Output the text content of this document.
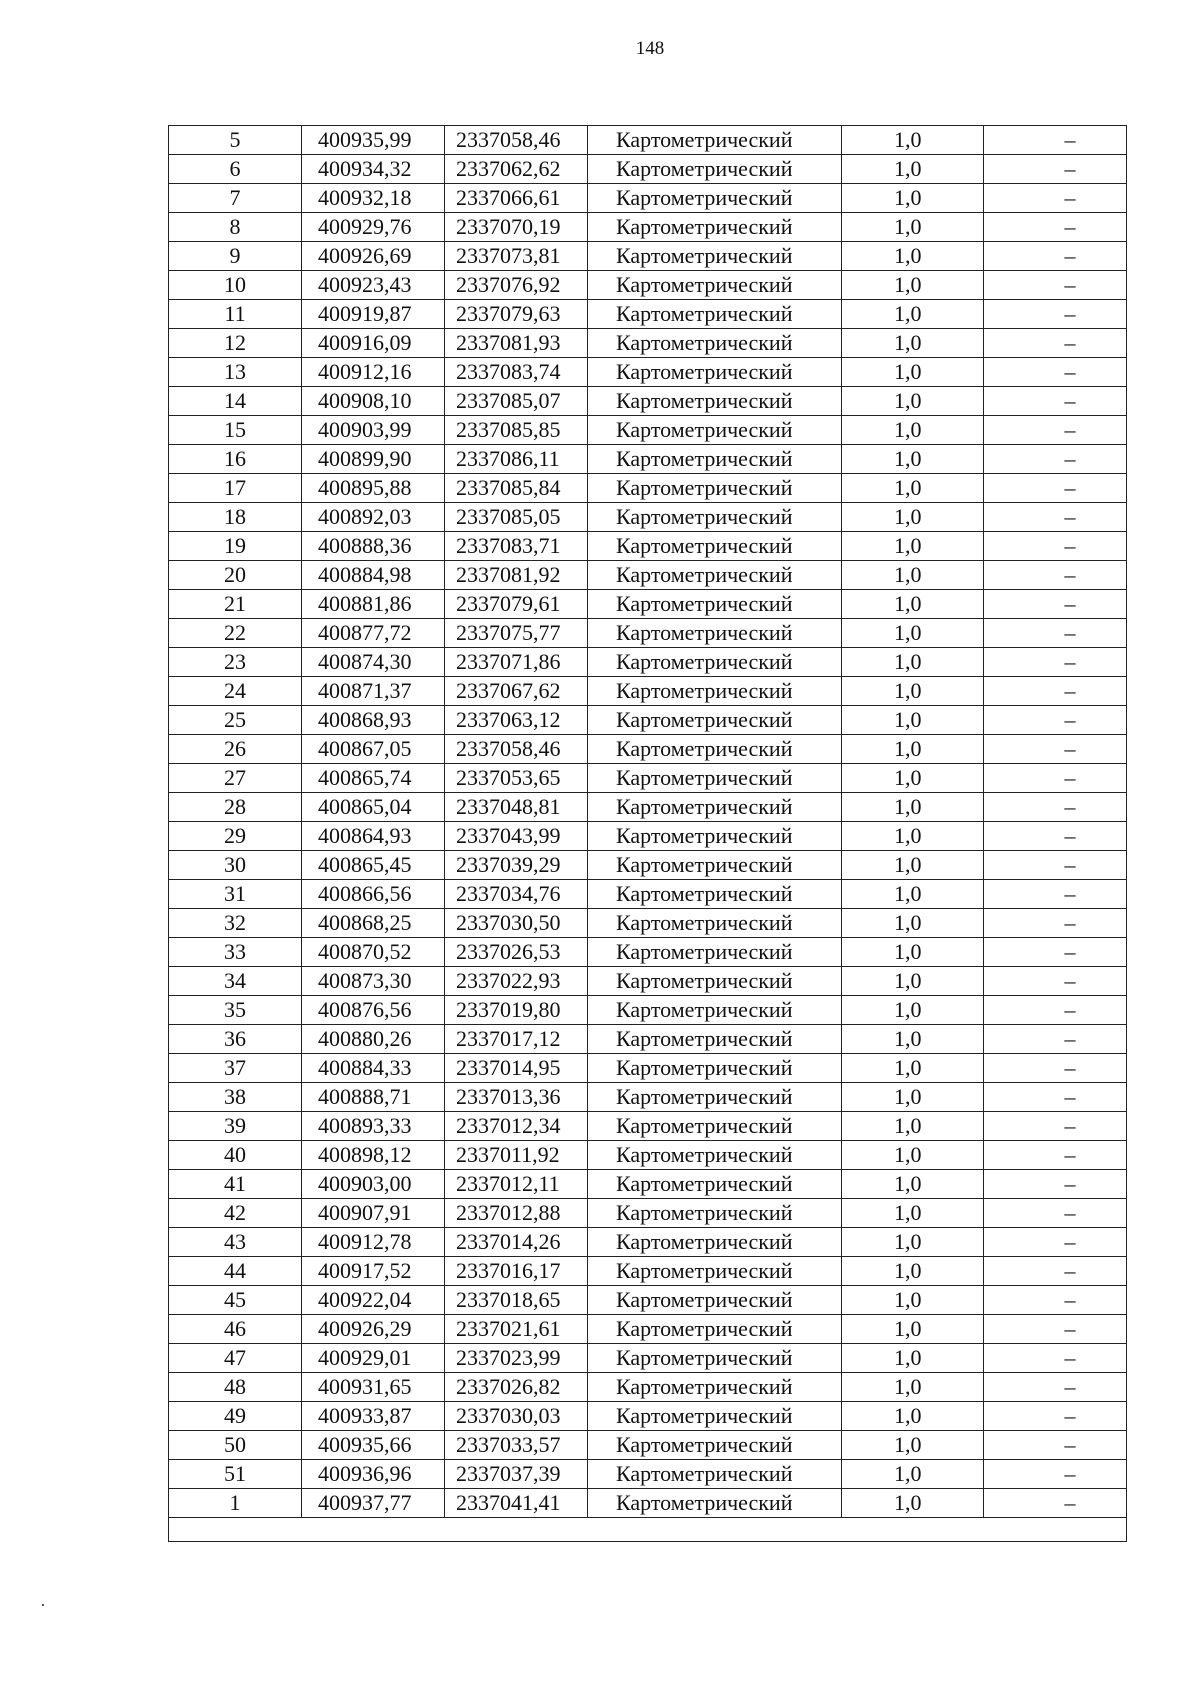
148
5	400935,99	2337058,46	Картометрический	1,0	–
6	400934,32	2337062,62	Картометрический	1,0	–
7	400932,18	2337066,61	Картометрический	1,0	–
8	400929,76	2337070,19	Картометрический	1,0	–
9	400926,69	2337073,81	Картометрический	1,0	–
10	400923,43	2337076,92	Картометрический	1,0	–
11	400919,87	2337079,63	Картометрический	1,0	–
12	400916,09	2337081,93	Картометрический	1,0	–
13	400912,16	2337083,74	Картометрический	1,0	–
14	400908,10	2337085,07	Картометрический	1,0	–
15	400903,99	2337085,85	Картометрический	1,0	–
16	400899,90	2337086,11	Картометрический	1,0	–
17	400895,88	2337085,84	Картометрический	1,0	–
18	400892,03	2337085,05	Картометрический	1,0	–
19	400888,36	2337083,71	Картометрический	1,0	–
20	400884,98	2337081,92	Картометрический	1,0	–
21	400881,86	2337079,61	Картометрический	1,0	–
22	400877,72	2337075,77	Картометрический	1,0	–
23	400874,30	2337071,86	Картометрический	1,0	–
24	400871,37	2337067,62	Картометрический	1,0	–
25	400868,93	2337063,12	Картометрический	1,0	–
26	400867,05	2337058,46	Картометрический	1,0	–
27	400865,74	2337053,65	Картометрический	1,0	–
28	400865,04	2337048,81	Картометрический	1,0	–
29	400864,93	2337043,99	Картометрический	1,0	–
30	400865,45	2337039,29	Картометрический	1,0	–
31	400866,56	2337034,76	Картометрический	1,0	–
32	400868,25	2337030,50	Картометрический	1,0	–
33	400870,52	2337026,53	Картометрический	1,0	–
34	400873,30	2337022,93	Картометрический	1,0	–
35	400876,56	2337019,80	Картометрический	1,0	–
36	400880,26	2337017,12	Картометрический	1,0	–
37	400884,33	2337014,95	Картометрический	1,0	–
38	400888,71	2337013,36	Картометрический	1,0	–
39	400893,33	2337012,34	Картометрический	1,0	–
40	400898,12	2337011,92	Картометрический	1,0	–
41	400903,00	2337012,11	Картометрический	1,0	–
42	400907,91	2337012,88	Картометрический	1,0	–
43	400912,78	2337014,26	Картометрический	1,0	–
44	400917,52	2337016,17	Картометрический	1,0	–
45	400922,04	2337018,65	Картометрический	1,0	–
46	400926,29	2337021,61	Картометрический	1,0	–
47	400929,01	2337023,99	Картометрический	1,0	–
48	400931,65	2337026,82	Картометрический	1,0	–
49	400933,87	2337030,03	Картометрический	1,0	–
50	400935,66	2337033,57	Картометрический	1,0	–
51	400936,96	2337037,39	Картометрический	1,0	–
1	400937,77	2337041,41	Картометрический	1,0	–
